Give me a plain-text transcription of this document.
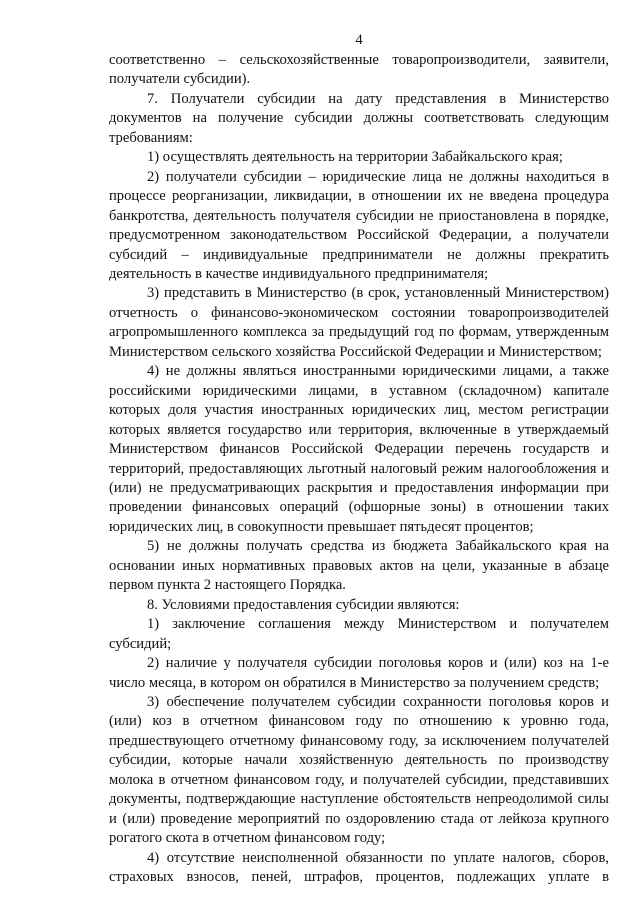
4

соответственно – сельскохозяйственные товаропроизводители, заявители, получатели субсидии).

7. Получатели субсидии на дату представления в Министерство документов на получение субсидии должны соответствовать следующим требованиям:

1) осуществлять деятельность на территории Забайкальского края;

2) получатели субсидии – юридические лица не должны находиться в процессе реорганизации, ликвидации, в отношении их не введена процедура банкротства, деятельность получателя субсидии не приостановлена в порядке, предусмотренном законодательством Российской Федерации, а получатели субсидий – индивидуальные предприниматели не должны прекратить деятельность в качестве индивидуального предпринимателя;

3) представить в Министерство (в срок, установленный Министерством) отчетность о финансово-экономическом состоянии товаропроизводителей агропромышленного комплекса за предыдущий год по формам, утвержденным Министерством сельского хозяйства Российской Федерации и Министерством;

4) не должны являться иностранными юридическими лицами, а также российскими юридическими лицами, в уставном (складочном) капитале которых доля участия иностранных юридических лиц, местом регистрации которых является государство или территория, включенные в утверждаемый Министерством финансов Российской Федерации перечень государств и территорий, предоставляющих льготный налоговый режим налогообложения и (или) не предусматривающих раскрытия и предоставления информации при проведении финансовых операций (офшорные зоны) в отношении таких юридических лиц, в совокупности превышает пятьдесят процентов;

5) не должны получать средства из бюджета Забайкальского края на основании иных нормативных правовых актов на цели, указанные в абзаце первом пункта 2 настоящего Порядка.

8. Условиями предоставления субсидии являются:

1) заключение соглашения между Министерством и получателем субсидий;

2) наличие у получателя субсидии поголовья коров и (или) коз на 1-е число месяца, в котором он обратился в Министерство за получением средств;

3) обеспечение получателем субсидии сохранности поголовья коров и (или) коз в отчетном финансовом году по отношению к уровню года, предшествующего отчетному финансовому году, за исключением получателей субсидии, которые начали хозяйственную деятельность по производству молока в отчетном финансовом году, и получателей субсидии, представивших документы, подтверждающие наступление обстоятельств непреодолимой силы и (или) проведение мероприятий по оздоровлению стада от лейкоза крупного рогатого скота в отчетном финансовом году;

4) отсутствие неисполненной обязанности по уплате налогов, сборов, страховых взносов, пеней, штрафов, процентов, подлежащих уплате в
